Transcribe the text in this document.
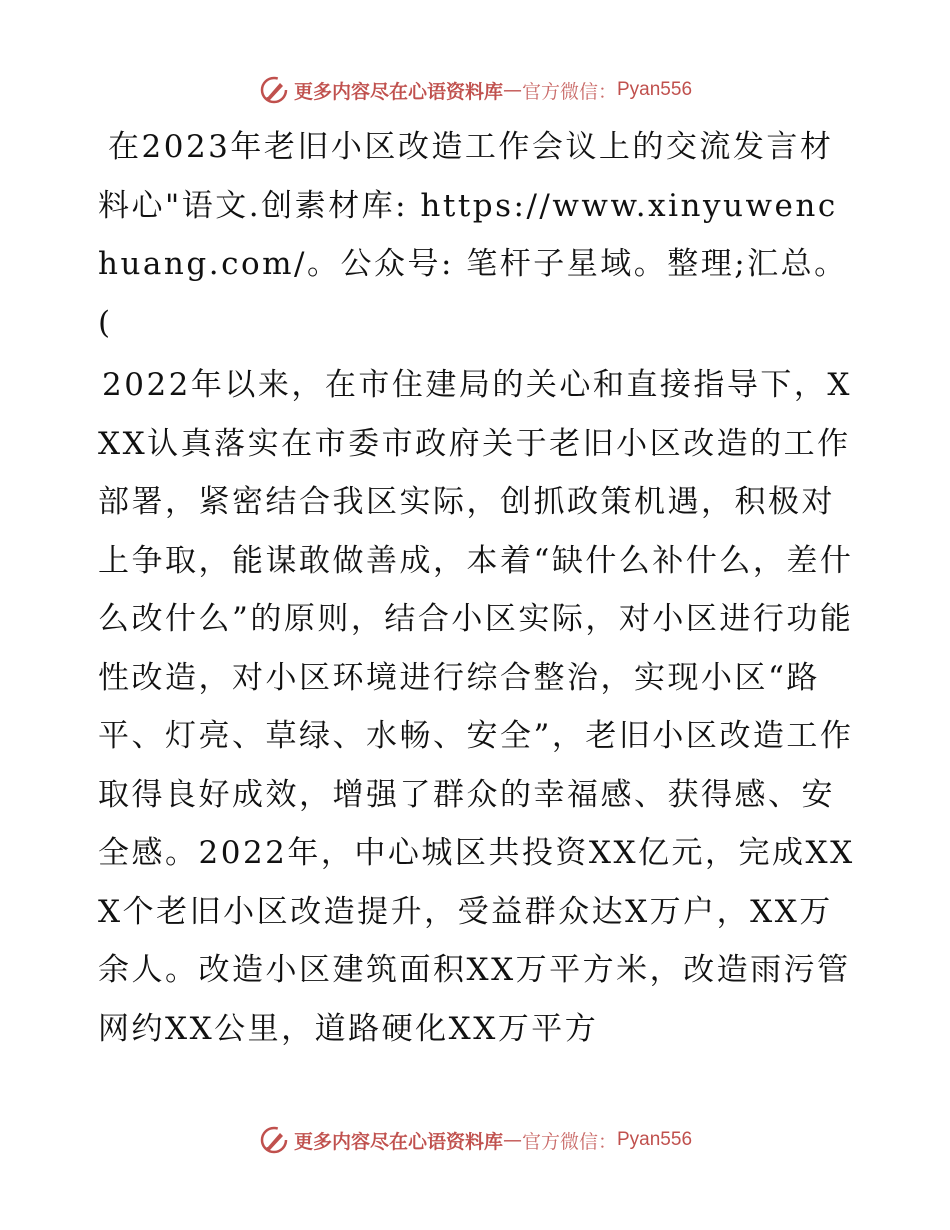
更多内容尽在心语资料库 — 官方微信： Pyan556

在2023年老旧小区改造工作会议上的交流发言材料心"语文.创素材库: https://www.xinyuwenchuang.com/。公众号: 笔杆子星域。整理;汇总。 (

2022年以来，在市住建局的关心和直接指导下，XXX认真落实在市委市政府关于老旧小区改造的工作部署，紧密结合我区实际，创抓政策机遇，积极对上争取，能谋敢做善成，本着“缺什么补什么，差什么改什么”的原则，结合小区实际，对小区进行功能性改造，对小区环境进行综合整治，实现小区“路平、灯亮、草绿、水畅、安全”，老旧小区改造工作取得良好成效，增强了群众的幸福感、获得感、安全感。2022年，中心城区共投资XX亿元，完成XXX个老旧小区改造提升，受益群众达X万户，XX万余人。改造小区建筑面积XX万平方米，改造雨污管网约XX公里，道路硬化XX万平方

更多内容尽在心语资料库 — 官方微信： Pyan556
